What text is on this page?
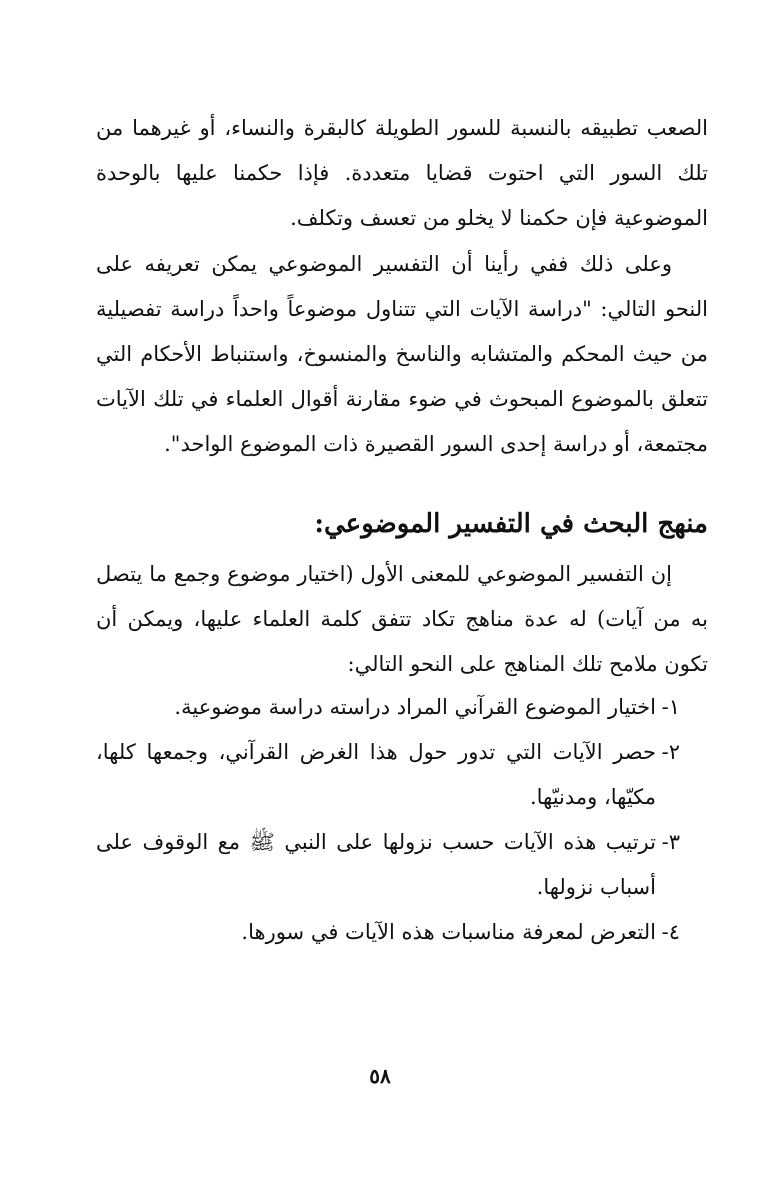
الصعب تطبيقه بالنسبة للسور الطويلة كالبقرة والنساء، أو غيرهما من تلك السور التي احتوت قضايا متعددة. فإذا حكمنا عليها بالوحدة الموضوعية فإن حكمنا لا يخلو من تعسف وتكلف.

وعلى ذلك ففي رأينا أن التفسير الموضوعي يمكن تعريفه على النحو التالي: "دراسة الآيات التي تتناول موضوعاً واحداً دراسة تفصيلية من حيث المحكم والمتشابه والناسخ والمنسوخ، واستنباط الأحكام التي تتعلق بالموضوع المبحوث في ضوء مقارنة أقوال العلماء في تلك الآيات مجتمعة، أو دراسة إحدى السور القصيرة ذات الموضوع الواحد".

منهج البحث في التفسير الموضوعي:

إن التفسير الموضوعي للمعنى الأول (اختيار موضوع وجمع ما يتصل به من آيات) له عدة مناهج تكاد تتفق كلمة العلماء عليها، ويمكن أن تكون ملامح تلك المناهج على النحو التالي:

١-
اختيار الموضوع القرآني المراد دراسته دراسة موضوعية.
٢-
حصر الآيات التي تدور حول هذا الغرض القرآني، وجمعها كلها، مكيّها، ومدنيّها.
٣-
ترتيب هذه الآيات حسب نزولها على النبي ﷺ مع الوقوف على أسباب نزولها.
٤-
التعرض لمعرفة مناسبات هذه الآيات في سورها.
٥٨
